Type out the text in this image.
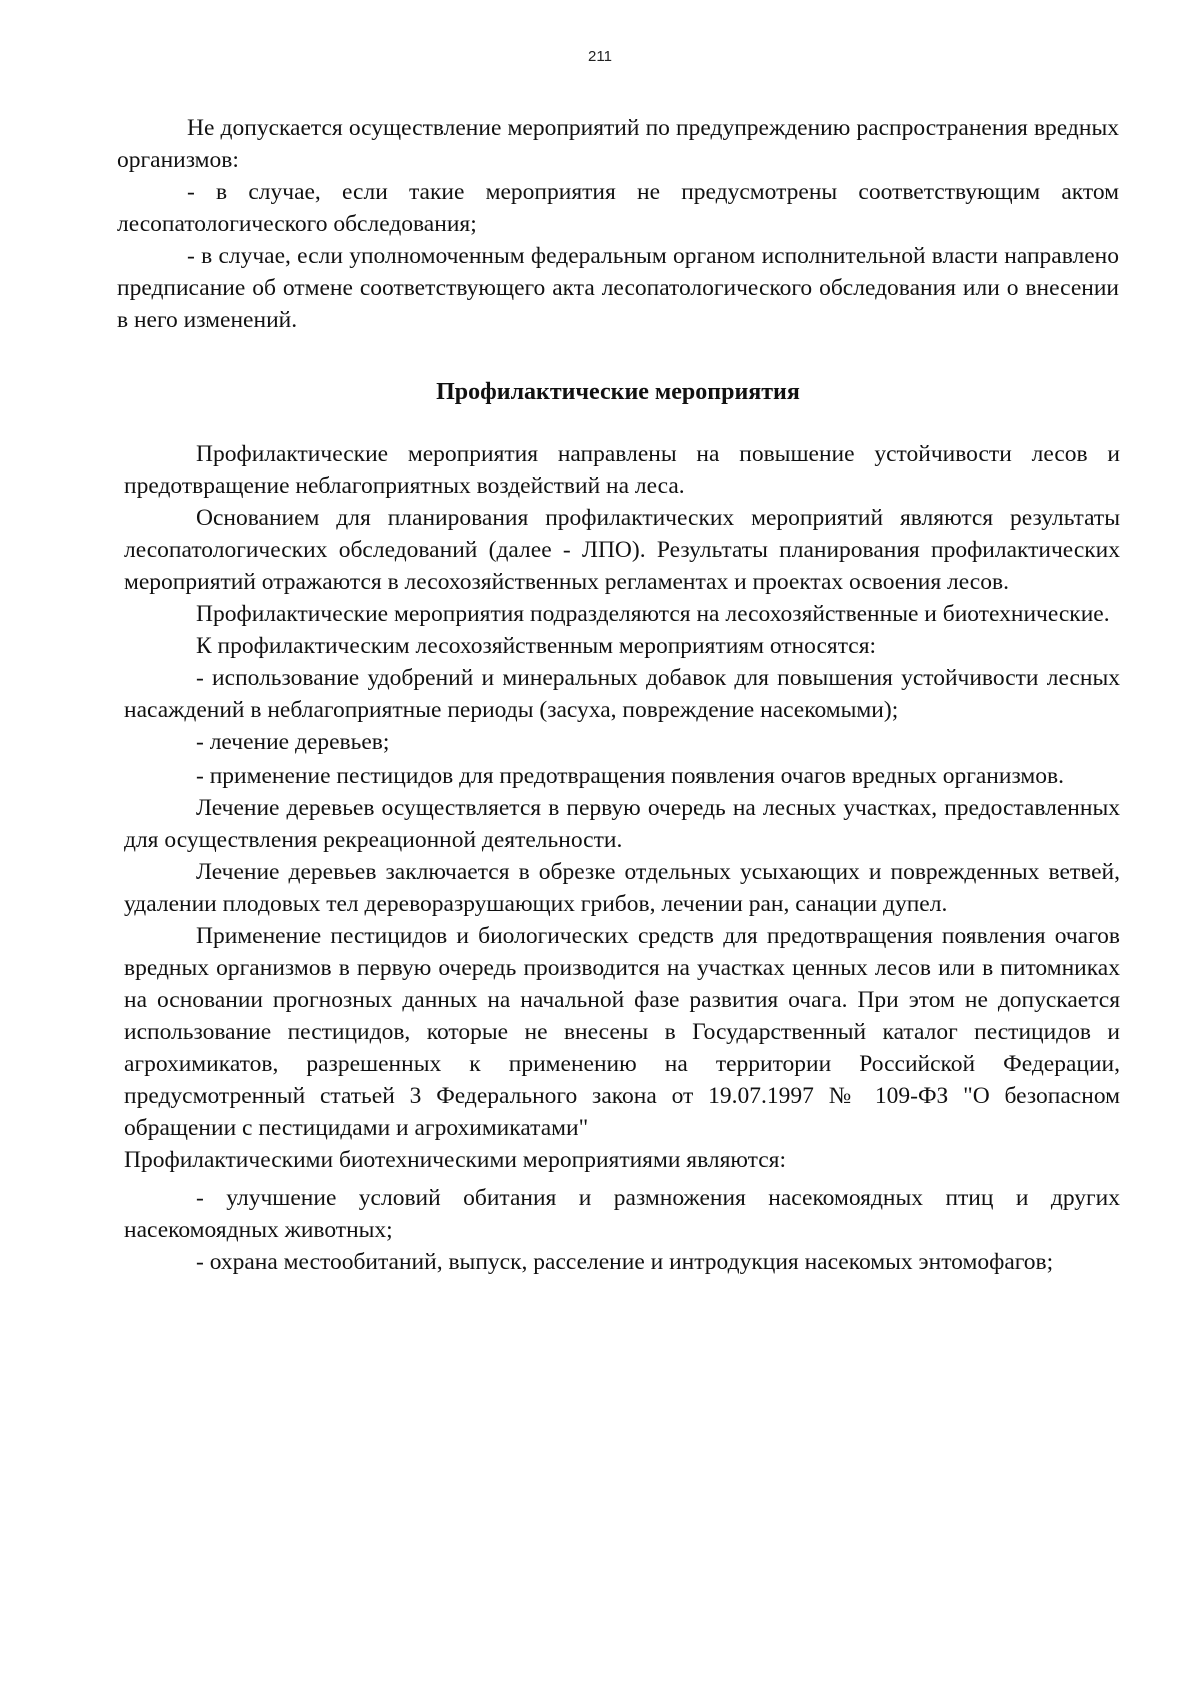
211

Не допускается осуществление мероприятий по предупреждению распространения вредных организмов:

- в случае, если такие мероприятия не предусмотрены соответствующим актом лесопатологического обследования;

- в случае, если уполномоченным федеральным органом исполнительной власти направлено предписание об отмене соответствующего акта лесопатологического обследования или о внесении в него изменений.

Профилактические мероприятия

Профилактические мероприятия направлены на повышение устойчивости лесов и предотвращение неблагоприятных воздействий на леса.

Основанием для планирования профилактических мероприятий являются результаты лесопатологических обследований (далее - ЛПО). Результаты планирования профилактических мероприятий отражаются в лесохозяйственных регламентах и проектах освоения лесов.

Профилактические мероприятия подразделяются на лесохозяйственные и биотехнические.

К профилактическим лесохозяйственным мероприятиям относятся:

- использование удобрений и минеральных добавок для повышения устойчивости лесных насаждений в неблагоприятные периоды (засуха, повреждение насекомыми);

- лечение деревьев;

- применение пестицидов для предотвращения появления очагов вредных организмов.

Лечение деревьев осуществляется в первую очередь на лесных участках, предоставленных для осуществления рекреационной деятельности.

Лечение деревьев заключается в обрезке отдельных усыхающих и поврежденных ветвей, удалении плодовых тел дереворазрушающих грибов, лечении ран, санации дупел.

Применение пестицидов и биологических средств для предотвращения появления очагов вредных организмов в первую очередь производится на участках ценных лесов или в питомниках на основании прогнозных данных на начальной фазе развития очага. При этом не допускается использование пестицидов, которые не внесены в Государственный каталог пестицидов и агрохимикатов, разрешенных к применению на территории Российской Федерации, предусмотренный статьей 3 Федерального закона от 19.07.1997 № 109-ФЗ "О безопасном обращении с пестицидами и агрохимикатами"

Профилактическими биотехническими мероприятиями являются:

- улучшение условий обитания и размножения насекомоядных птиц и других насекомоядных животных;

- охрана местообитаний, выпуск, расселение и интродукция насекомых энтомофагов;
